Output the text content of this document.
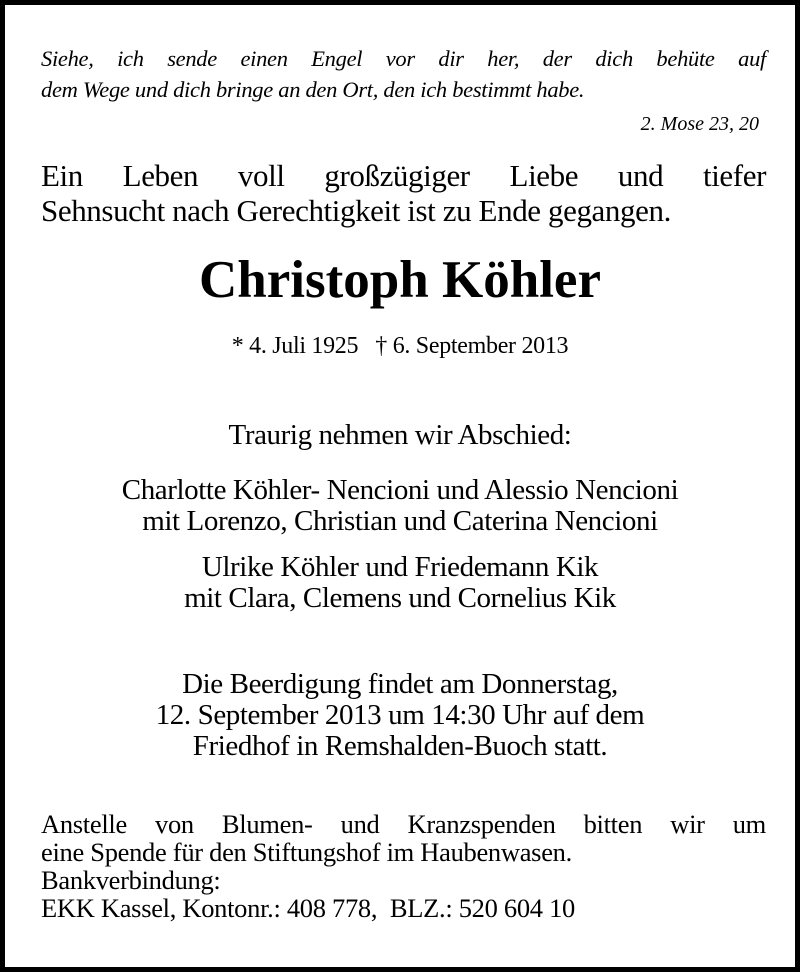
Siehe, ich sende einen Engel vor dir her, der dich behüte auf
dem Wege und dich bringe an den Ort, den ich bestimmt habe.
2. Mose 23, 20
Ein Leben voll großzügiger Liebe und tiefer
Sehnsucht nach Gerechtigkeit ist zu Ende gegangen.
Christoph Köhler
* 4. Juli 1925   † 6. September 2013
Traurig nehmen wir Abschied:
Charlotte Köhler- Nencioni und Alessio Nencioni
mit Lorenzo, Christian und Caterina Nencioni
Ulrike Köhler und Friedemann Kik
mit Clara, Clemens und Cornelius Kik
Die Beerdigung findet am Donnerstag,
12. September 2013 um 14:30 Uhr auf dem
Friedhof in Remshalden-Buoch statt.
Anstelle von Blumen- und Kranzspenden bitten wir um
eine Spende für den Stiftungshof im Haubenwasen.
Bankverbindung:
EKK Kassel, Kontonr.: 408 778,  BLZ.: 520 604 10
